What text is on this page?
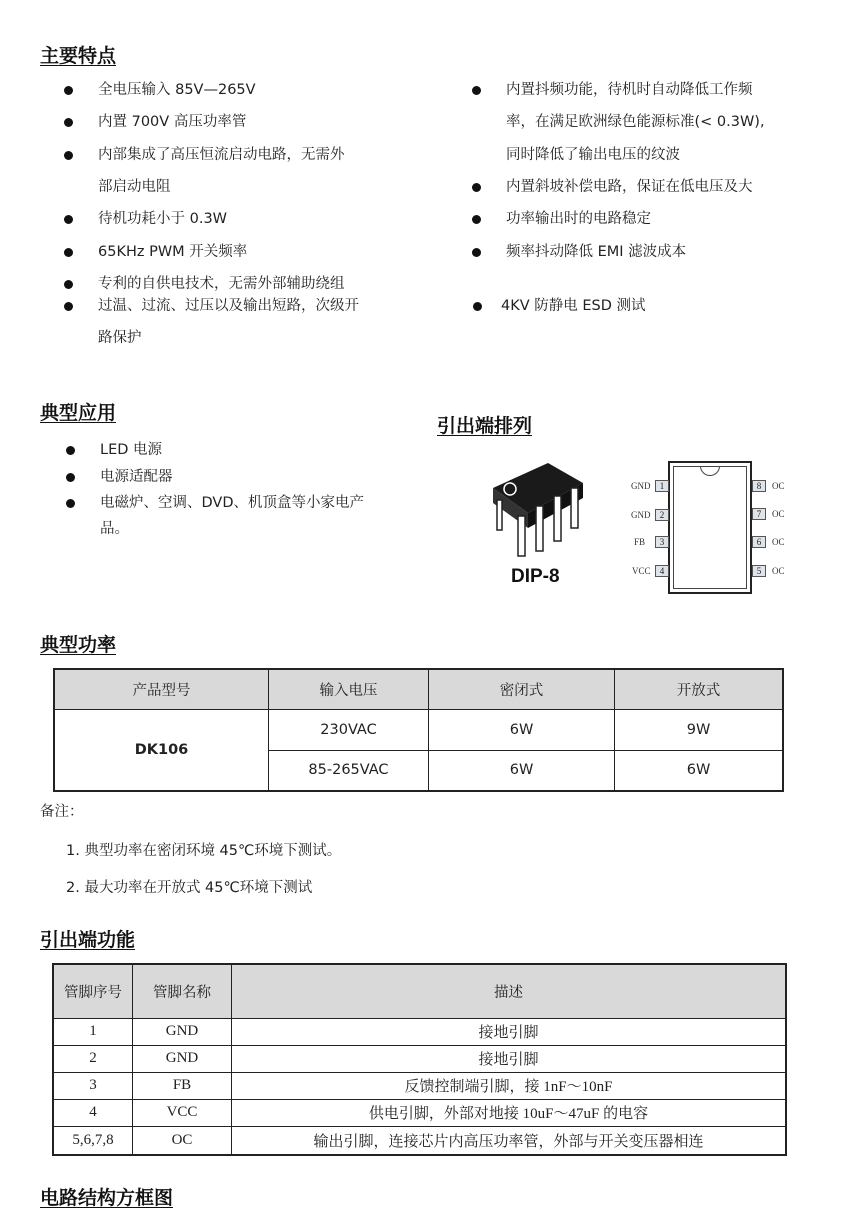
主要特点
全电压输入 85V—265V
内置 700V 高压功率管
内部集成了高压恒流启动电路，无需外
部启动电阻
待机功耗小于 0.3W
65KHz PWM 开关频率
专利的自供电技术，无需外部辅助绕组
过温、过流、过压以及输出短路，次级开
路保护
内置抖频功能，待机时自动降低工作频
率，在满足欧洲绿色能源标准(< 0.3W),
同时降低了输出电压的纹波
内置斜坡补偿电路，保证在低电压及大
功率输出时的电路稳定
频率抖动降低 EMI 滤波成本
4KV 防静电 ESD 测试
典型应用
LED 电源
电源适配器
电磁炉、空调、DVD、机顶盒等小家电产
品。
引出端排列
DIP-8
GND	1
GND	2
FB	3
VCC	4
8	OC
7	OC
6	OC
5	OC
典型功率
产品型号	输入电压	密闭式	开放式
DK106	230VAC	6W	9W
	85-265VAC	6W	6W
备注：
1. 典型功率在密闭环境 45℃环境下测试。
2. 最大功率在开放式 45℃环境下测试
引出端功能
管脚序号	管脚名称	描述
1	GND	接地引脚
2	GND	接地引脚
3	FB	反馈控制端引脚，接 1nF～10nF
4	VCC	供电引脚，外部对地接 10uF～47uF 的电容
5,6,7,8	OC	输出引脚，连接芯片内高压功率管，外部与开关变压器相连
电路结构方框图
